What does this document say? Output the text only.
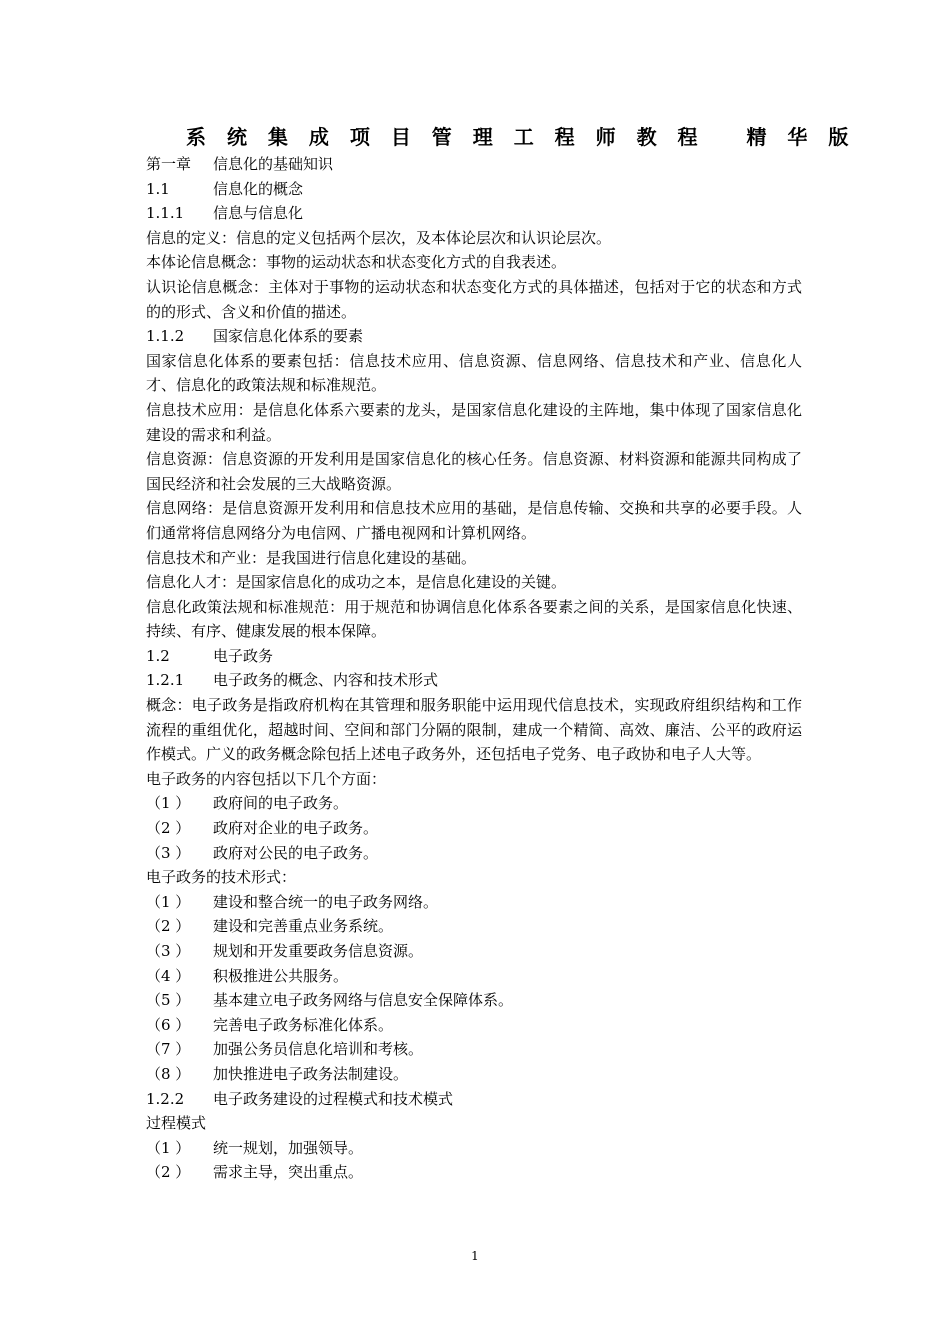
系 统 集 成 项 目 管 理 工 程 师 教 程   精 华 版

第一章 信息化的基础知识

1.1	信息化的概念

1.1.1 信息与信息化

信息的定义：信息的定义包括两个层次，及本体论层次和认识论层次。

本体论信息概念：事物的运动状态和状态变化方式的自我表述。

认识论信息概念：主体对于事物的运动状态和状态变化方式的具体描述，包括对于它的状态和方式的的形式、含义和价值的描述。

1.1.2 国家信息化体系的要素

国家信息化体系的要素包括：信息技术应用、信息资源、信息网络、信息技术和产业、信息化人才、信息化的政策法规和标准规范。

信息技术应用：是信息化体系六要素的龙头，是国家信息化建设的主阵地，集中体现了国家信息化建设的需求和利益。

信息资源：信息资源的开发利用是国家信息化的核心任务。信息资源、材料资源和能源共同构成了国民经济和社会发展的三大战略资源。

信息网络：是信息资源开发利用和信息技术应用的基础，是信息传输、交换和共享的必要手段。人们通常将信息网络分为电信网、广播电视网和计算机网络。

信息技术和产业：是我国进行信息化建设的基础。

信息化人才：是国家信息化的成功之本，是信息化建设的关键。

信息化政策法规和标准规范：用于规范和协调信息化体系各要素之间的关系，是国家信息化快速、持续、有序、健康发展的根本保障。

1.2	电子政务

1.2.1 电子政务的概念、内容和技术形式

概念：电子政务是指政府机构在其管理和服务职能中运用现代信息技术，实现政府组织结构和工作流程的重组优化，超越时间、空间和部门分隔的限制，建成一个精简、高效、廉洁、公平的政府运作模式。广义的政务概念除包括上述电子政务外，还包括电子党务、电子政协和电子人大等。

电子政务的内容包括以下几个方面：

（1 ） 政府间的电子政务。

（2 ） 政府对企业的电子政务。

（3 ） 政府对公民的电子政务。

电子政务的技术形式：

（1 ） 建设和整合统一的电子政务网络。

（2 ） 建设和完善重点业务系统。

（3 ） 规划和开发重要政务信息资源。

（4 ） 积极推进公共服务。

（5 ） 基本建立电子政务网络与信息安全保障体系。

（6 ） 完善电子政务标准化体系。

（7 ） 加强公务员信息化培训和考核。

（8 ） 加快推进电子政务法制建设。

1.2.2 电子政务建设的过程模式和技术模式

过程模式

（1 ） 统一规划，加强领导。

（2 ） 需求主导，突出重点。

1
